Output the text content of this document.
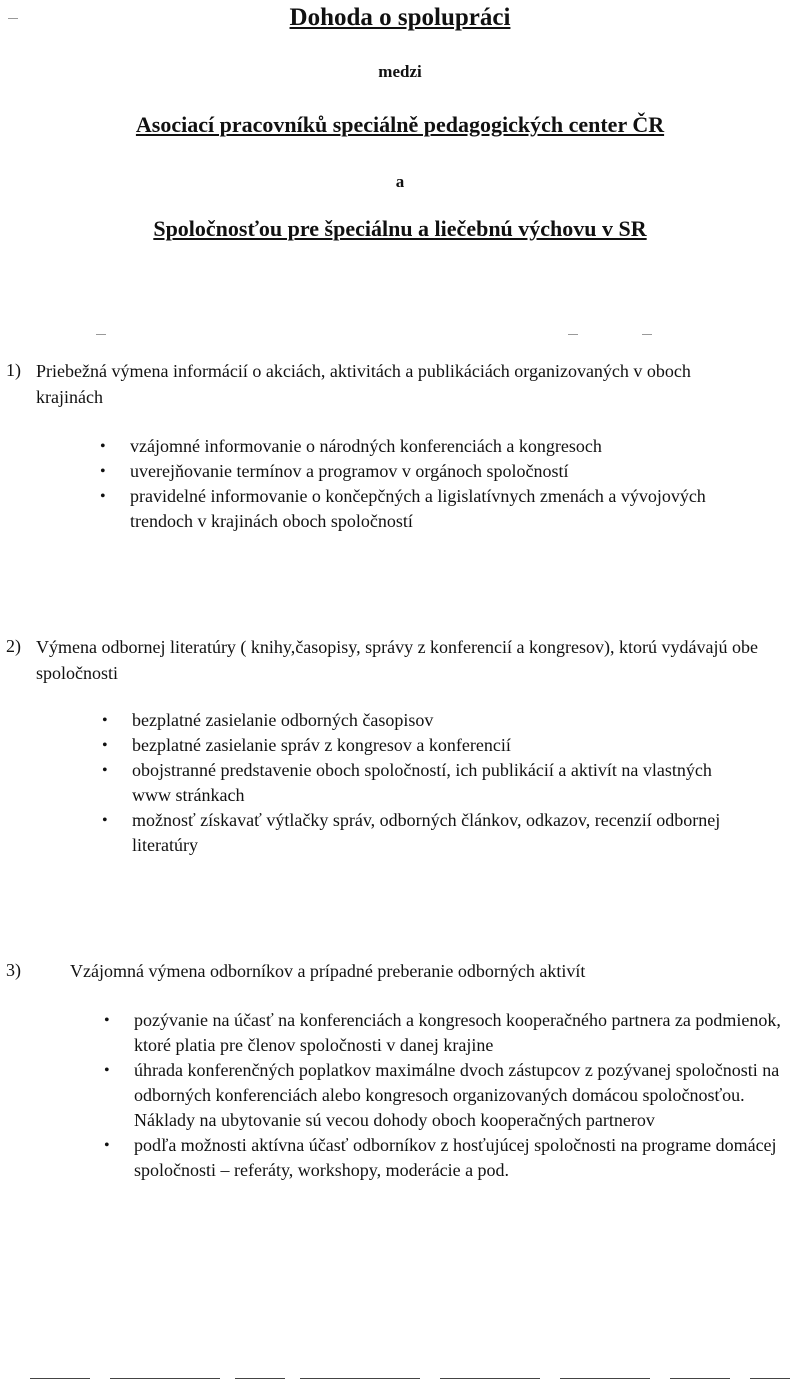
Dohoda o spolupráci

medzi

Asociací pracovníků speciálně pedagogických center ČR

a

Spoločnosťou pre špeciálnu a liečebnú výchovu v SR

1) Priebežná výmena informácií o akciách, aktivitách a publikáciách organizovaných v oboch krajinách

• vzájomné informovanie o národných konferenciách a kongresoch
• uverejňovanie termínov a programov v orgánoch spoločností
• pravidelné informovanie o končepčných a ligislatívnych zmenách a vývojových trendoch v krajinách oboch spoločností
2) Výmena odbornej literatúry ( knihy,časopisy, správy z konferencií a kongresov), ktorú vydávajú obe spoločnosti

• bezplatné zasielanie odborných časopisov
• bezplatné zasielanie správ z kongresov a konferencií
• obojstranné predstavenie oboch spoločností, ich publikácií a aktivít na vlastných www stránkach
• možnosť získavať výtlačky správ, odborných článkov, odkazov, recenzií odbornej literatúry
3)	Vzájomná výmena odborníkov a prípadné preberanie odborných aktivít

• pozývanie na účasť na konferenciách a kongresoch kooperačného partnera za podmienok, ktoré platia pre členov spoločnosti v danej krajine
• úhrada konferenčných poplatkov maximálne dvoch zástupcov z pozývanej spoločnosti na odborných konferenciách alebo kongresoch organizovaných domácou spoločnosťou. Náklady na ubytovanie sú vecou dohody oboch kooperačných partnerov
• podľa možnosti aktívna účasť odborníkov z hosťujúcej spoločnosti na programe domácej spoločnosti – referáty, workshopy, moderácie a pod.
